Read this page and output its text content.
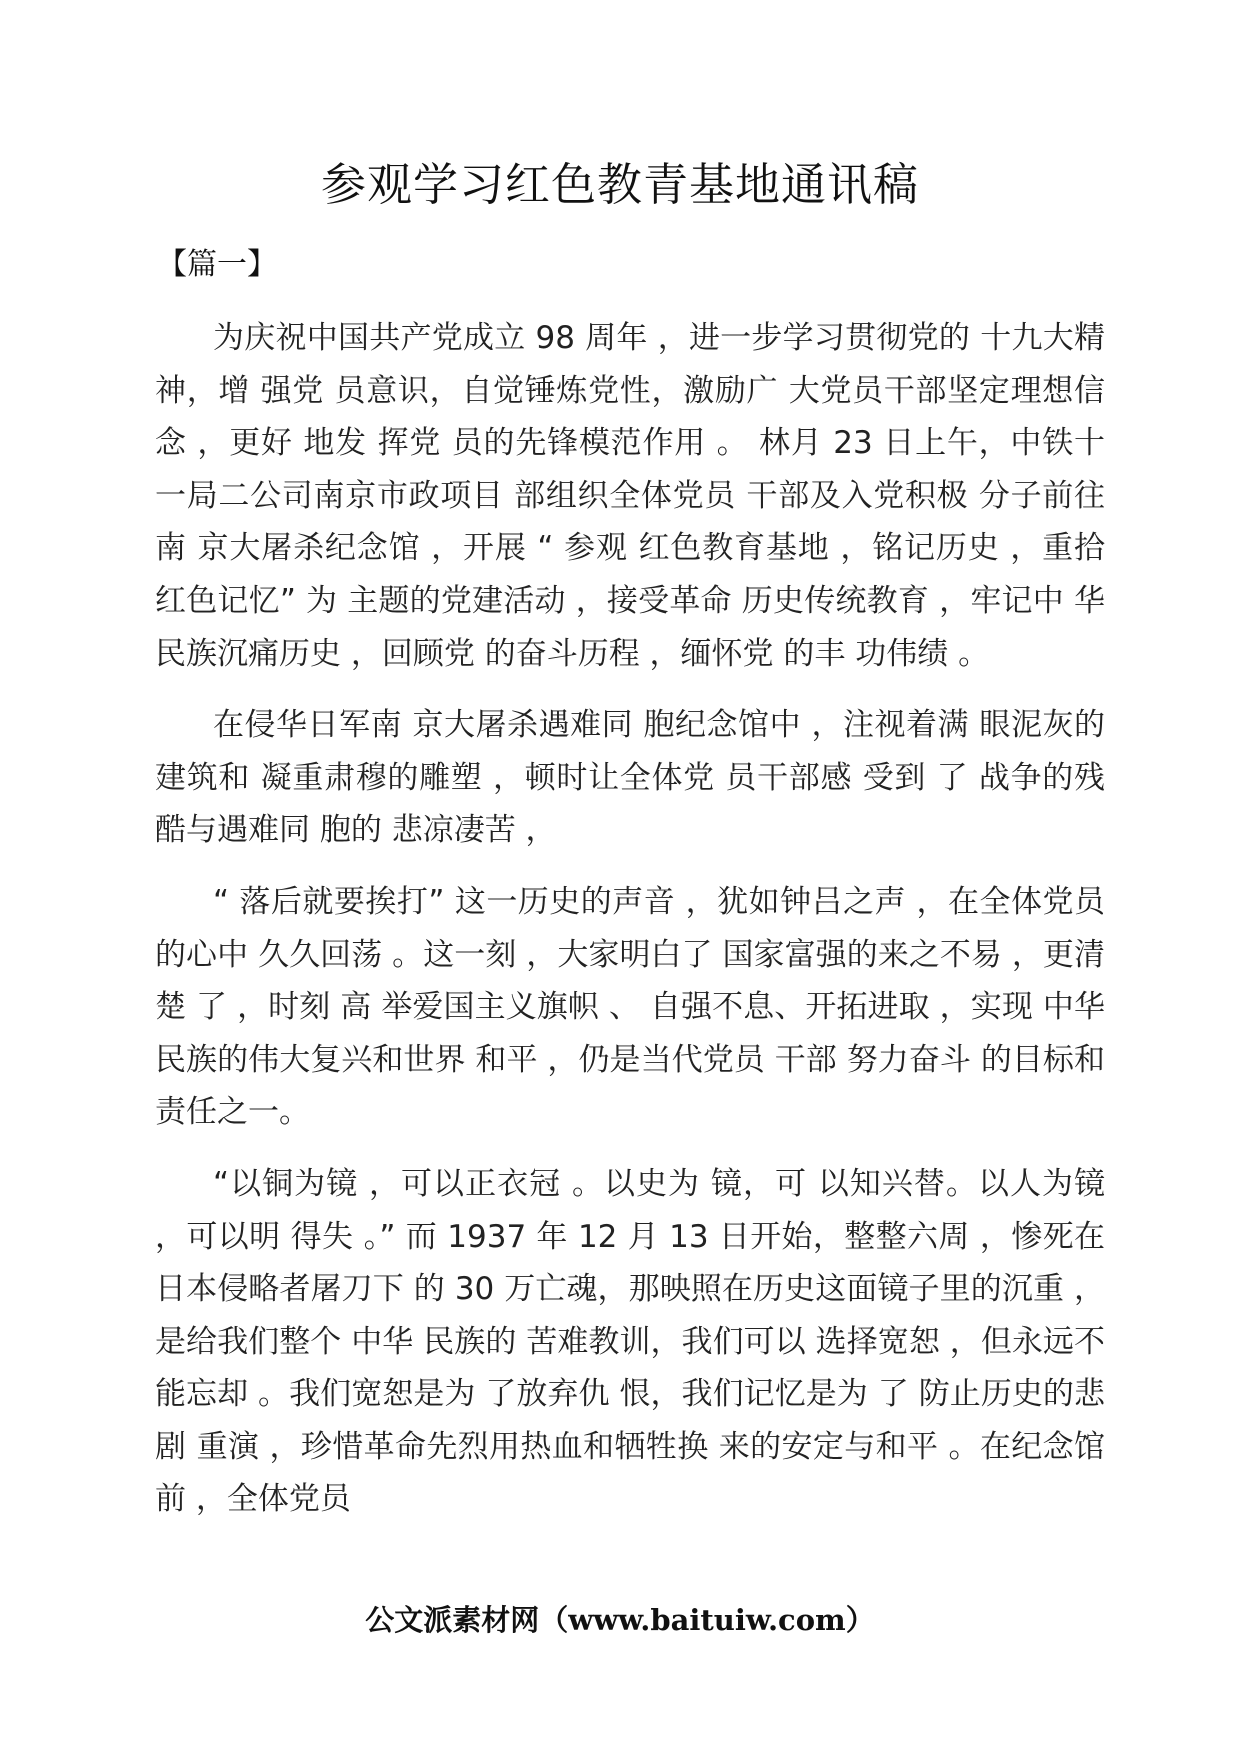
参观学习红色教青基地通讯稿
【篇一】

为庆祝中国共产党成立 98 周年 ，进一步学习贯彻党的 十九大精神，增 强党 员意识，自觉锤炼党性，激励广 大党员干部坚定理想信念 ，更好 地发 挥党 员的先锋模范作用 。 林月 23 日上午，中铁十一局二公司南京市政项目 部组织全体党员 干部及入党积极 分子前往南 京大屠杀纪念馆 ，开展 “ 参观 红色教育基地 ，铭记历史 ，重拾红色记忆” 为 主题的党建活动 ，接受革命 历史传统教育 ，牢记中 华 民族沉痛历史 ，回顾党 的奋斗历程 ，缅怀党 的丰 功伟绩 。

在侵华日军南 京大屠杀遇难同 胞纪念馆中 ，注视着满 眼泥灰的建筑和 凝重肃穆的雕塑 ，顿时让全体党 员干部感 受到 了 战争的残酷与遇难同 胞的 悲凉凄苦 ，

“ 落后就要挨打” 这一历史的声音 ，犹如钟吕之声 ，在全体党员的心中 久久回荡 。这一刻 ，大家明白了 国家富强的来之不易 ，更清楚 了 ，时刻 高 举爱国主义旗帜 、 自强不息、开拓进取 ，实现 中华民族的伟大复兴和世界 和平 ，仍是当代党员 干部 努力奋斗 的目标和责任之一。

“以铜为镜 ，可以正衣冠 。以史为 镜，可 以知兴替。以人为镜 ，可以明 得失 。” 而 1937 年 12 月 13 日开始，整整六周 ，惨死在 日本侵略者屠刀下 的 30 万亡魂，那映照在历史这面镜子里的沉重 ，是给我们整个 中华 民族的 苦难教训，我们可以 选择宽恕 ，但永远不能忘却 。我们宽恕是为 了放弃仇 恨，我们记忆是为 了 防止历史的悲剧 重演 ，珍惜革命先烈用热血和牺牲换 来的安定与和平 。在纪念馆前 ，全体党员

公文派素材网（www.baituiw.com）
